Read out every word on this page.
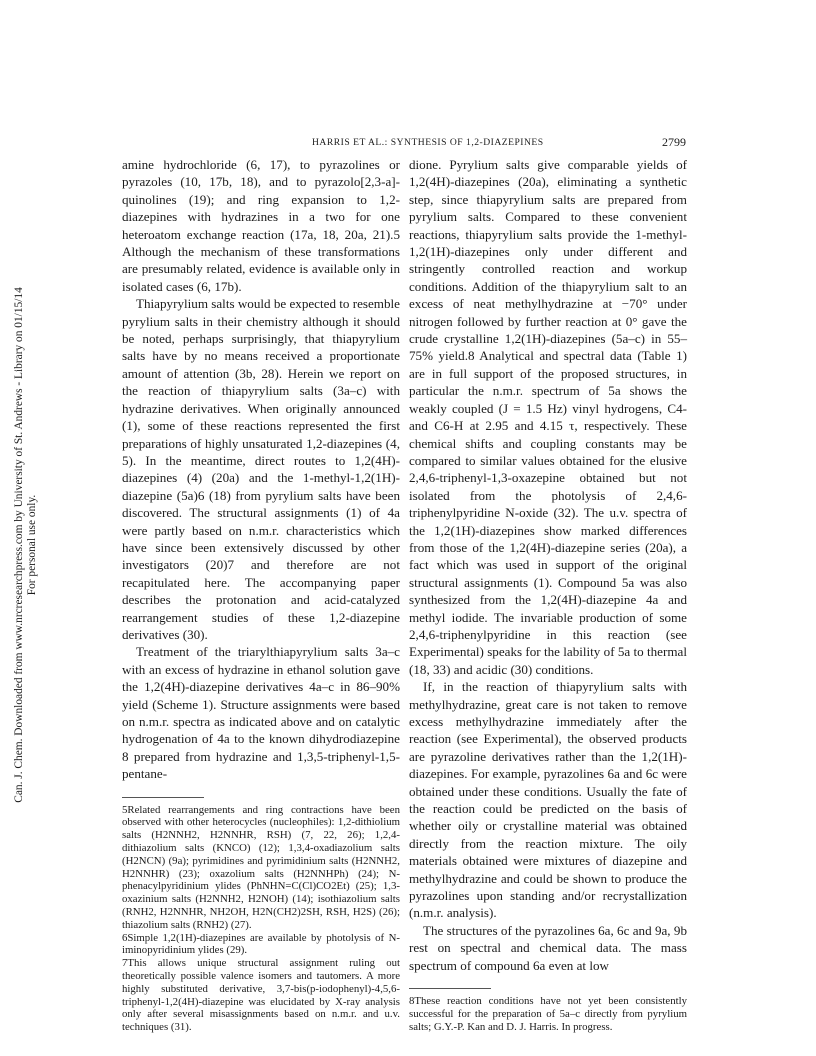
Can. J. Chem. Downloaded from www.nrcresearchpress.com by University of St. Andrews - Library on 01/15/14 For personal use only.
HARRIS ET AL.: SYNTHESIS OF 1,2-DIAZEPINES	2799

amine hydrochloride (6, 17), to pyrazolines or pyrazoles (10, 17b, 18), and to pyrazolo[2,3-a]-quinolines (19); and ring expansion to 1,2-diazepines with hydrazines in a two for one heteroatom exchange reaction (17a, 18, 20a, 21).5 Although the mechanism of these transformations are presumably related, evidence is available only in isolated cases (6, 17b).

Thiapyrylium salts would be expected to resemble pyrylium salts in their chemistry although it should be noted, perhaps surprisingly, that thiapyrylium salts have by no means received a proportionate amount of attention (3b, 28). Herein we report on the reaction of thiapyrylium salts (3a–c) with hydrazine derivatives. When originally announced (1), some of these reactions represented the first preparations of highly unsaturated 1,2-diazepines (4, 5). In the meantime, direct routes to 1,2(4H)-diazepines (4) (20a) and the 1-methyl-1,2(1H)-diazepine (5a)6 (18) from pyrylium salts have been discovered. The structural assignments (1) of 4a were partly based on n.m.r. characteristics which have since been extensively discussed by other investigators (20)7 and therefore are not recapitulated here. The accompanying paper describes the protonation and acid-catalyzed rearrangement studies of these 1,2-diazepine derivatives (30).

Treatment of the triarylthiapyrylium salts 3a–c with an excess of hydrazine in ethanol solution gave the 1,2(4H)-diazepine derivatives 4a–c in 86–90% yield (Scheme 1). Structure assignments were based on n.m.r. spectra as indicated above and on catalytic hydrogenation of 4a to the known dihydrodiazepine 8 prepared from hydrazine and 1,3,5-triphenyl-1,5-pentane-

5Related rearrangements and ring contractions have been observed with other heterocycles (nucleophiles): 1,2-dithiolium salts (H2NNH2, H2NNHR, RSH) (7, 22, 26); 1,2,4-dithiazolium salts (KNCO) (12); 1,3,4-oxadiazolium salts (H2NCN) (9a); pyrimidines and pyrimidinium salts (H2NNH2, H2NNHR) (23); oxazolium salts (H2NNHPh) (24); N-phenacylpyridinium ylides (PhNHN=C(Cl)CO2Et) (25); 1,3-oxazinium salts (H2NNH2, H2NOH) (14); isothiazolium salts (RNH2, H2NNHR, NH2OH, H2N(CH2)2SH, RSH, H2S) (26); thiazolium salts (RNH2) (27).

6Simple 1,2(1H)-diazepines are available by photolysis of N-iminopyridinium ylides (29).

7This allows unique structural assignment ruling out theoretically possible valence isomers and tautomers. A more highly substituted derivative, 3,7-bis(p-iodophenyl)-4,5,6-triphenyl-1,2(4H)-diazepine was elucidated by X-ray analysis only after several misassignments based on n.m.r. and u.v. techniques (31).

dione. Pyrylium salts give comparable yields of 1,2(4H)-diazepines (20a), eliminating a synthetic step, since thiapyrylium salts are prepared from pyrylium salts. Compared to these convenient reactions, thiapyrylium salts provide the 1-methyl-1,2(1H)-diazepines only under different and stringently controlled reaction and workup conditions. Addition of the thiapyrylium salt to an excess of neat methylhydrazine at −70° under nitrogen followed by further reaction at 0° gave the crude crystalline 1,2(1H)-diazepines (5a–c) in 55–75% yield.8 Analytical and spectral data (Table 1) are in full support of the proposed structures, in particular the n.m.r. spectrum of 5a shows the weakly coupled (J = 1.5 Hz) vinyl hydrogens, C4- and C6-H at 2.95 and 4.15 τ, respectively. These chemical shifts and coupling constants may be compared to similar values obtained for the elusive 2,4,6-triphenyl-1,3-oxazepine obtained but not isolated from the photolysis of 2,4,6-triphenylpyridine N-oxide (32). The u.v. spectra of the 1,2(1H)-diazepines show marked differences from those of the 1,2(4H)-diazepine series (20a), a fact which was used in support of the original structural assignments (1). Compound 5a was also synthesized from the 1,2(4H)-diazepine 4a and methyl iodide. The invariable production of some 2,4,6-triphenylpyridine in this reaction (see Experimental) speaks for the lability of 5a to thermal (18, 33) and acidic (30) conditions.

If, in the reaction of thiapyrylium salts with methylhydrazine, great care is not taken to remove excess methylhydrazine immediately after the reaction (see Experimental), the observed products are pyrazoline derivatives rather than the 1,2(1H)-diazepines. For example, pyrazolines 6a and 6c were obtained under these conditions. Usually the fate of the reaction could be predicted on the basis of whether oily or crystalline material was obtained directly from the reaction mixture. The oily materials obtained were mixtures of diazepine and methylhydrazine and could be shown to produce the pyrazolines upon standing and/or recrystallization (n.m.r. analysis).

The structures of the pyrazolines 6a, 6c and 9a, 9b rest on spectral and chemical data. The mass spectrum of compound 6a even at low

8These reaction conditions have not yet been consistently successful for the preparation of 5a–c directly from pyrylium salts; G.Y.-P. Kan and D. J. Harris. In progress.
